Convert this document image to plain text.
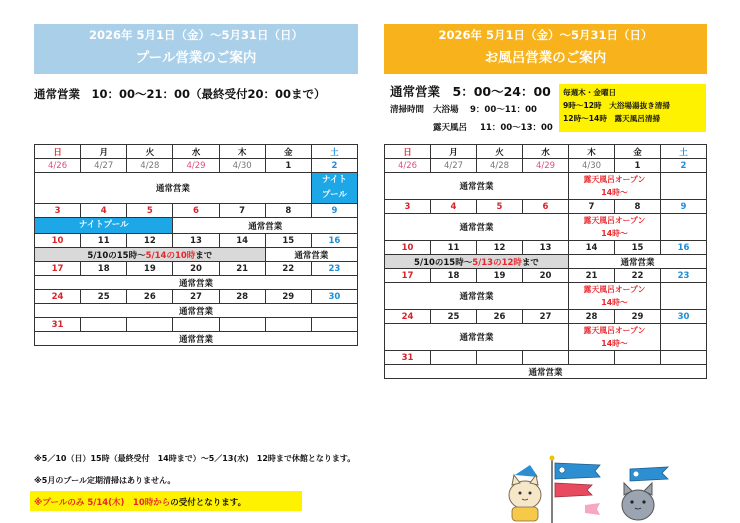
2026年 5月1日（金）～5月31日（日）
プール営業のご案内
2026年 5月1日（金）～5月31日（日）
お風呂営業のご案内
通常営業　10：00～21：00（最終受付20：00まで）	通常営業　5：00～24：00
清掃時間 大浴場 9：00～11：00
露天風呂 11：00～13：00
毎週木・金曜日
9時～12時　大浴場湯抜き清掃
12時～14時　露天風呂清掃
日	月	火	水	木	金	土
4/26	4/27	4/28	4/29	4/30	1	2
通常営業						ナイト
プール

3	4	5	6	7	8	9
ナイトプール			通常営業			
10	11	12	13	14	15	16
5/10の15時～5/14の10時まで					通常営業	
17	18	19	20	21	22	23
通常営業						
24	25	26	27	28	29	30
通常営業						
31						
通常営業						
日	月	火	水	木	金	土
4/26	4/27	4/28	4/29	4/30	1	2
通常営業				露天風呂オープン
14時～		

3	4	5	6	7	8	9
通常営業				露天風呂オープン
14時～		

10	11	12	13	14	15	16
5/10の15時～5/13の12時まで				通常営業		
17	18	19	20	21	22	23
通常営業				露天風呂オープン
14時～		

24	25	26	27	28	29	30
通常営業				露天風呂オープン
14時～		

31						
通常営業						
※5／10（日）15時（最終受付　14時まで）～5／13(水)　12時まで休館となります。
※5月のプール定期清掃はありません。
※プールのみ 5/14(木)　10時からの受付となります。
